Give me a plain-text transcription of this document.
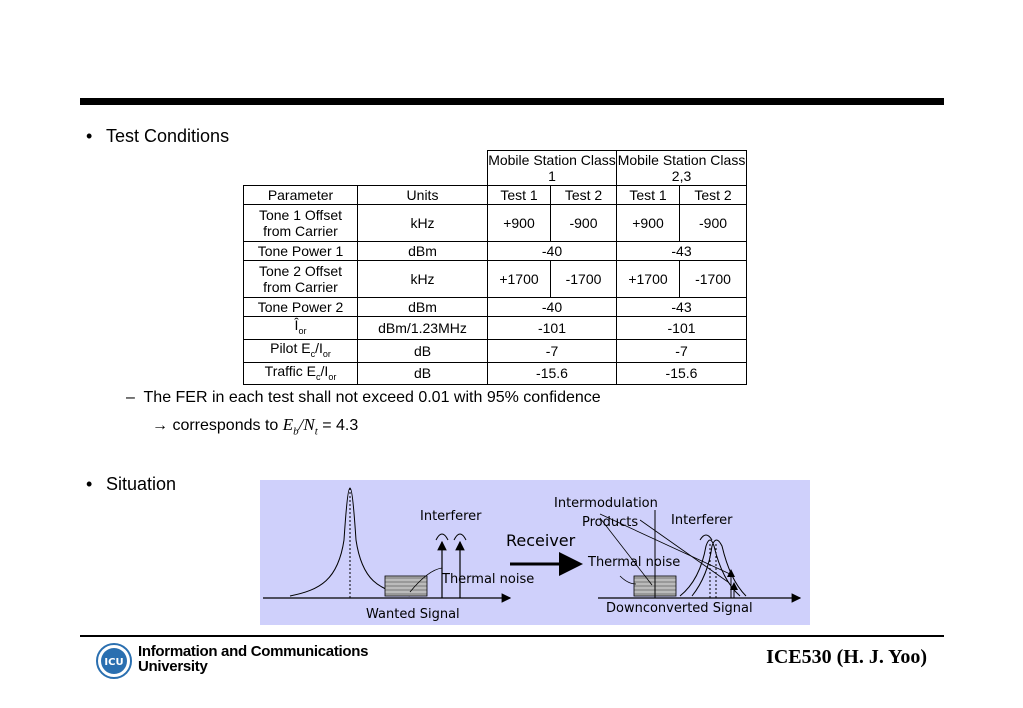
• Test Conditions
		Mobile Station Class 1		Mobile Station Class 2,3	
Parameter	Units	Test 1	Test 2	Test 1	Test 2
Tone 1 Offset from Carrier	kHz	+900	-900	+900	-900
Tone Power 1	dBm	-40		-43	
Tone 2 Offset from Carrier	kHz	+1700	-1700	+1700	-1700
Tone Power 2	dBm	-40		-43	
$Î_{or}$	dBm/1.23MHz	-101		-101	
Pilot $E_c/I_{or}$	dB	-7		-7	
Traffic $E_c/I_{or}$	dB	-15.6		-15.6	
– The FER in each test shall not exceed 0.01 with 95% confidence
→ corresponds to $E_b/N_t = 4.3$
• Situation
Interferer
Thermal noise
Wanted Signal
Receiver
Intermodulation
Products	Interferer
Thermal noise
Downconverted Signal
ICU
Information and Communications
University	ICE530 (H. J. Yoo)
